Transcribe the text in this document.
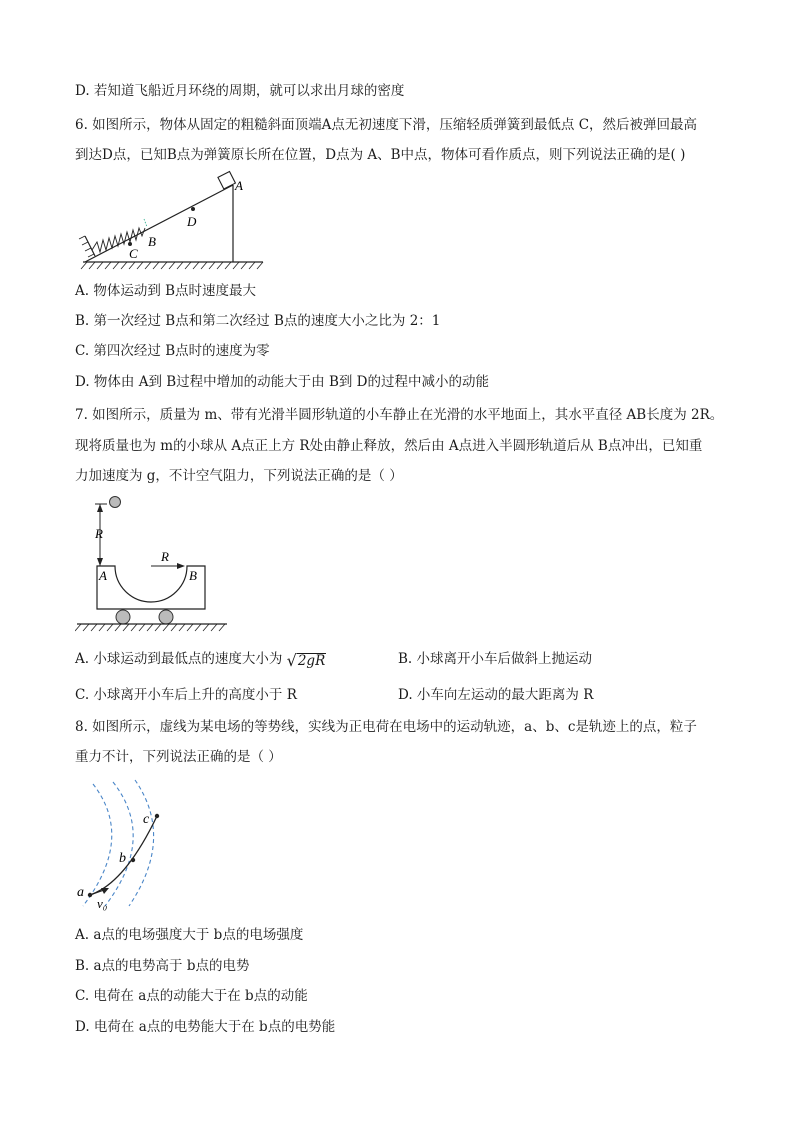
D. 若知道飞船近月环绕的周期，就可以求出月球的密度
6. 如图所示，物体从固定的粗糙斜面顶端A点无初速度下滑，压缩轻质弹簧到最低点 C，然后被弹回最高
到达D点，已知B点为弹簧原长所在位置，D点为 A、B中点，物体可看作质点，则下列说法正确的是( )
A
B
C
D
A. 物体运动到 B点时速度最大
B. 第一次经过 B点和第二次经过 B点的速度大小之比为 2：1
C. 第四次经过 B点时的速度为零
D. 物体由 A到 B过程中增加的动能大于由 B到 D的过程中减小的动能
7. 如图所示，质量为 m、带有光滑半圆形轨道的小车静止在光滑的水平地面上，其水平直径 AB长度为 2R。
现将质量也为 m的小球从 A点正上方 R处由静止释放，然后由 A点进入半圆形轨道后从 B点冲出，已知重
力加速度为 g，不计空气阻力，下列说法正确的是（ ）
R
R
A	B
A. 小球运动到最低点的速度大小为 √ 2gR	B. 小球离开小车后做斜上抛运动
C. 小球离开小车后上升的高度小于 R	D. 小车向左运动的最大距离为 R
8. 如图所示，虚线为某电场的等势线，实线为正电荷在电场中的运动轨迹，a、b、c是轨迹上的点，粒子
重力不计，下列说法正确的是（ ）
a
b
c
v₀
A. a点的电场强度大于 b点的电场强度
B. a点的电势高于 b点的电势
C. 电荷在 a点的动能大于在 b点的动能
D. 电荷在 a点的电势能大于在 b点的电势能
